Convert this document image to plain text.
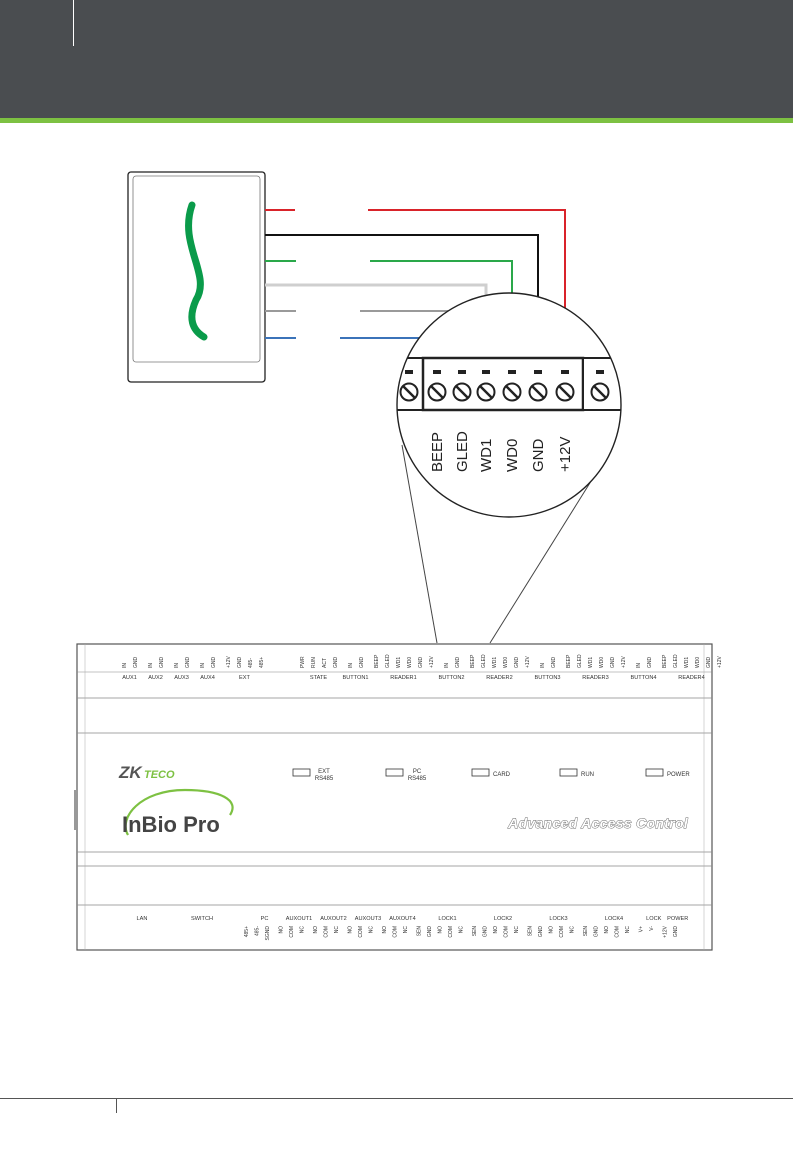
BEEP GLED WD1 WD0 GND +12V
IN GND
AUX1
IN GND
AUX2
IN GND
AUX3
IN GND
AUX4
+12V GND 485- 485+
EXT
PWR RUN ACT GND
STATE
IN GND
BUTTON1
BEEP GLED WD1 WD0 GND +12V
READER1
IN GND
BUTTON2
BEEP GLED WD1 WD0 GND +12V
READER2
IN GND
BUTTON3
BEEP GLED WD1 WD0 GND +12V
READER3
IN GND
BUTTON4
BEEP GLED WD1 WD0 GND +12V
READER4
LAN	SWITCH
485+ 485- SGND
PC
NO COM NC
AUXOUT1
NO COM NC
AUXOUT2
NO COM NC
AUXOUT3
NO COM NC
AUXOUT4
SEN GND NO COM NC
LOCK1
SEN GND NO COM NC
LOCK2
SEN GND NO COM NC
LOCK3
SEN GND NO COM NC
LOCK4
V+ V-
LOCK
+12V GND
POWER
EXT
RS485
PC
RS485
CARD	RUN	POWER
ZK TECO
InBio Pro	Advanced Access Control
